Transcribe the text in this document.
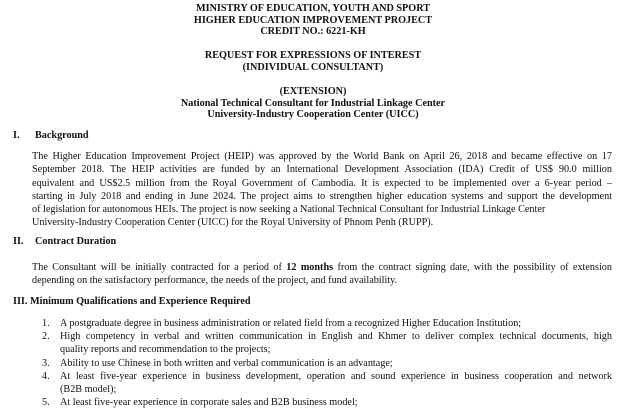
MINISTRY OF EDUCATION, YOUTH AND SPORT
HIGHER EDUCATION IMPROVEMENT PROJECT
CREDIT NO.: 6221-KH
REQUEST FOR EXPRESSIONS OF INTEREST
(INDIVIDUAL CONSULTANT)
(EXTENSION)
National Technical Consultant for Industrial Linkage Center
University-Industry Cooperation Center (UICC)
I. Background
The Higher Education Improvement Project (HEIP) was approved by the World Bank on April 26, 2018 and became effective on 17
September 2018. The HEIP activities are funded by an International Development Association (IDA) Credit of US$ 90.0 million
equivalent and US$2.5 million from the Royal Government of Cambodia. It is expected to be implemented over a 6-year period –
starting in July 2018 and ending in June 2024. The project aims to strengthen higher education systems and support the development
of legislation for autonomous HEIs. The project is now seeking a National Technical Consultant for Industrial Linkage Center
University-Industry Cooperation Center (UICC) for the Royal University of Phnom Penh (RUPP).
II. Contract Duration
The Consultant will be initially contracted for a period of 12 months from the contract signing date, with the possibility of extension
depending on the satisfactory performance, the needs of the project, and fund availability.
III. Minimum Qualifications and Experience Required
1.	A postgraduate degree in business administration or related field from a recognized Higher Education Institution;
2.	High competency in verbal and written communication in English and Khmer to deliver complex technical documents, high
quality reports and recommendation to the projects;
3.	Ability to use Chinese in both written and verbal communication is an advantage;
4.	At least five-year experience in business development, operation and sound experience in business cooperation and network
(B2B model);
5.	At least five-year experience in corporate sales and B2B business model;
